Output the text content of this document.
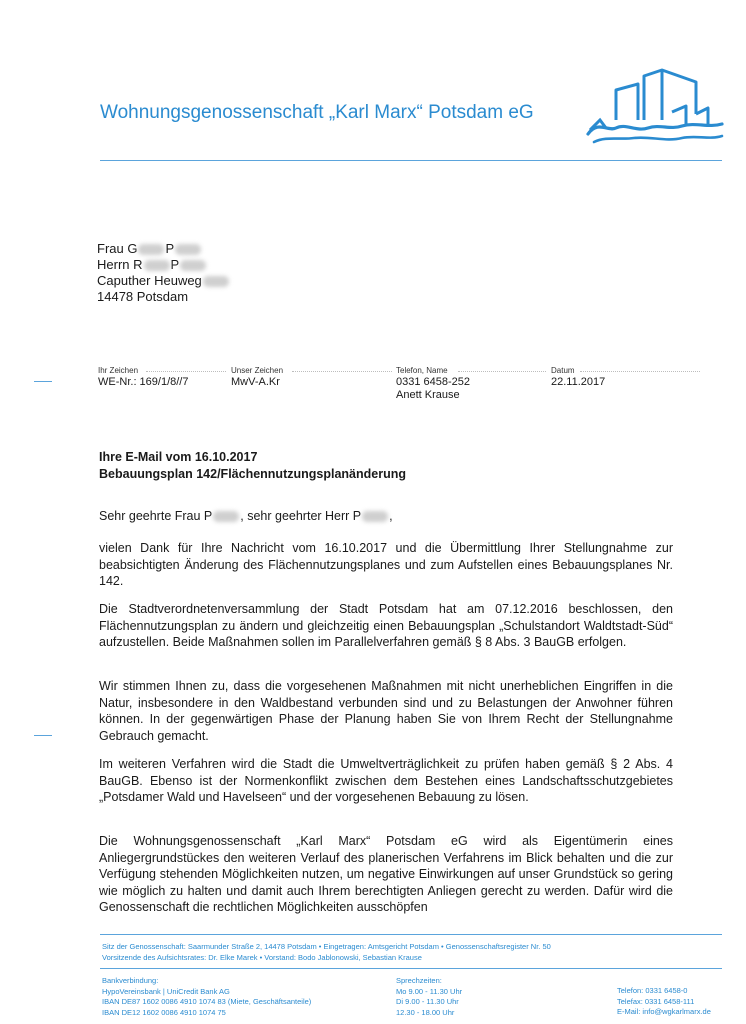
Wohnungsgenossenschaft „Karl Marx“ Potsdam eG
Frau G P
Herrn R P
Caputher Heuweg
14478 Potsdam
Ihr Zeichen
WE-Nr.: 169/1/8//7
Unser Zeichen
MwV-A.Kr
Telefon, Name
0331 6458-252
Anett Krause
Datum
22.11.2017
Ihre E-Mail vom 16.10.2017
Bebauungsplan 142/Flächennutzungsplanänderung
Sehr geehrte Frau P , sehr geehrter Herr P ,
vielen Dank für Ihre Nachricht vom 16.10.2017 und die Übermittlung Ihrer Stellungnahme zur beabsichtigten Änderung des Flächennutzungsplanes und zum Aufstellen eines Bebauungsplanes Nr. 142.
Die Stadtverordnetenversammlung der Stadt Potsdam hat am 07.12.2016 beschlossen, den Flächennutzungsplan zu ändern und gleichzeitig einen Bebauungsplan „Schulstandort Waldtstadt-Süd“ aufzustellen. Beide Maßnahmen sollen im Parallelverfahren gemäß § 8 Abs. 3 BauGB erfolgen.
Wir stimmen Ihnen zu, dass die vorgesehenen Maßnahmen mit nicht unerheblichen Eingriffen in die Natur, insbesondere in den Waldbestand verbunden sind und zu Belastungen der Anwohner führen können. In der gegenwärtigen Phase der Planung haben Sie von Ihrem Recht der Stellungnahme Gebrauch gemacht.
Im weiteren Verfahren wird die Stadt die Umweltverträglichkeit zu prüfen haben gemäß § 2 Abs. 4 BauGB. Ebenso ist der Normenkonflikt zwischen dem Bestehen eines Landschaftsschutzgebietes „Potsdamer Wald und Havelseen“ und der vorgesehenen Bebauung zu lösen.
Die Wohnungsgenossenschaft „Karl Marx“ Potsdam eG wird als Eigentümerin eines Anliegergrundstückes den weiteren Verlauf des planerischen Verfahrens im Blick behalten und die zur Verfügung stehenden Möglichkeiten nutzen, um negative Einwirkungen auf unser Grundstück so gering wie möglich zu halten und damit auch Ihrem berechtigten Anliegen gerecht zu werden. Dafür wird die Genossenschaft die rechtlichen Möglichkeiten ausschöpfen
Sitz der Genossenschaft: Saarmunder Straße 2, 14478 Potsdam • Eingetragen: Amtsgericht Potsdam • Genossenschaftsregister Nr. 50
Vorsitzende des Aufsichtsrates: Dr. Elke Marek • Vorstand: Bodo Jablonowski, Sebastian Krause
Bankverbindung:
HypoVereinsbank | UniCredit Bank AG
IBAN DE87 1602 0086 4910 1074 83 (Miete, Geschäftsanteile)
IBAN DE12 1602 0086 4910 1074 75
Sprechzeiten:
Mo 9.00 - 11.30 Uhr
Di 9.00 - 11.30 Uhr
12.30 - 18.00 Uhr
Telefon: 0331 6458-0
Telefax: 0331 6458-111
E-Mail: info@wgkarlmarx.de
